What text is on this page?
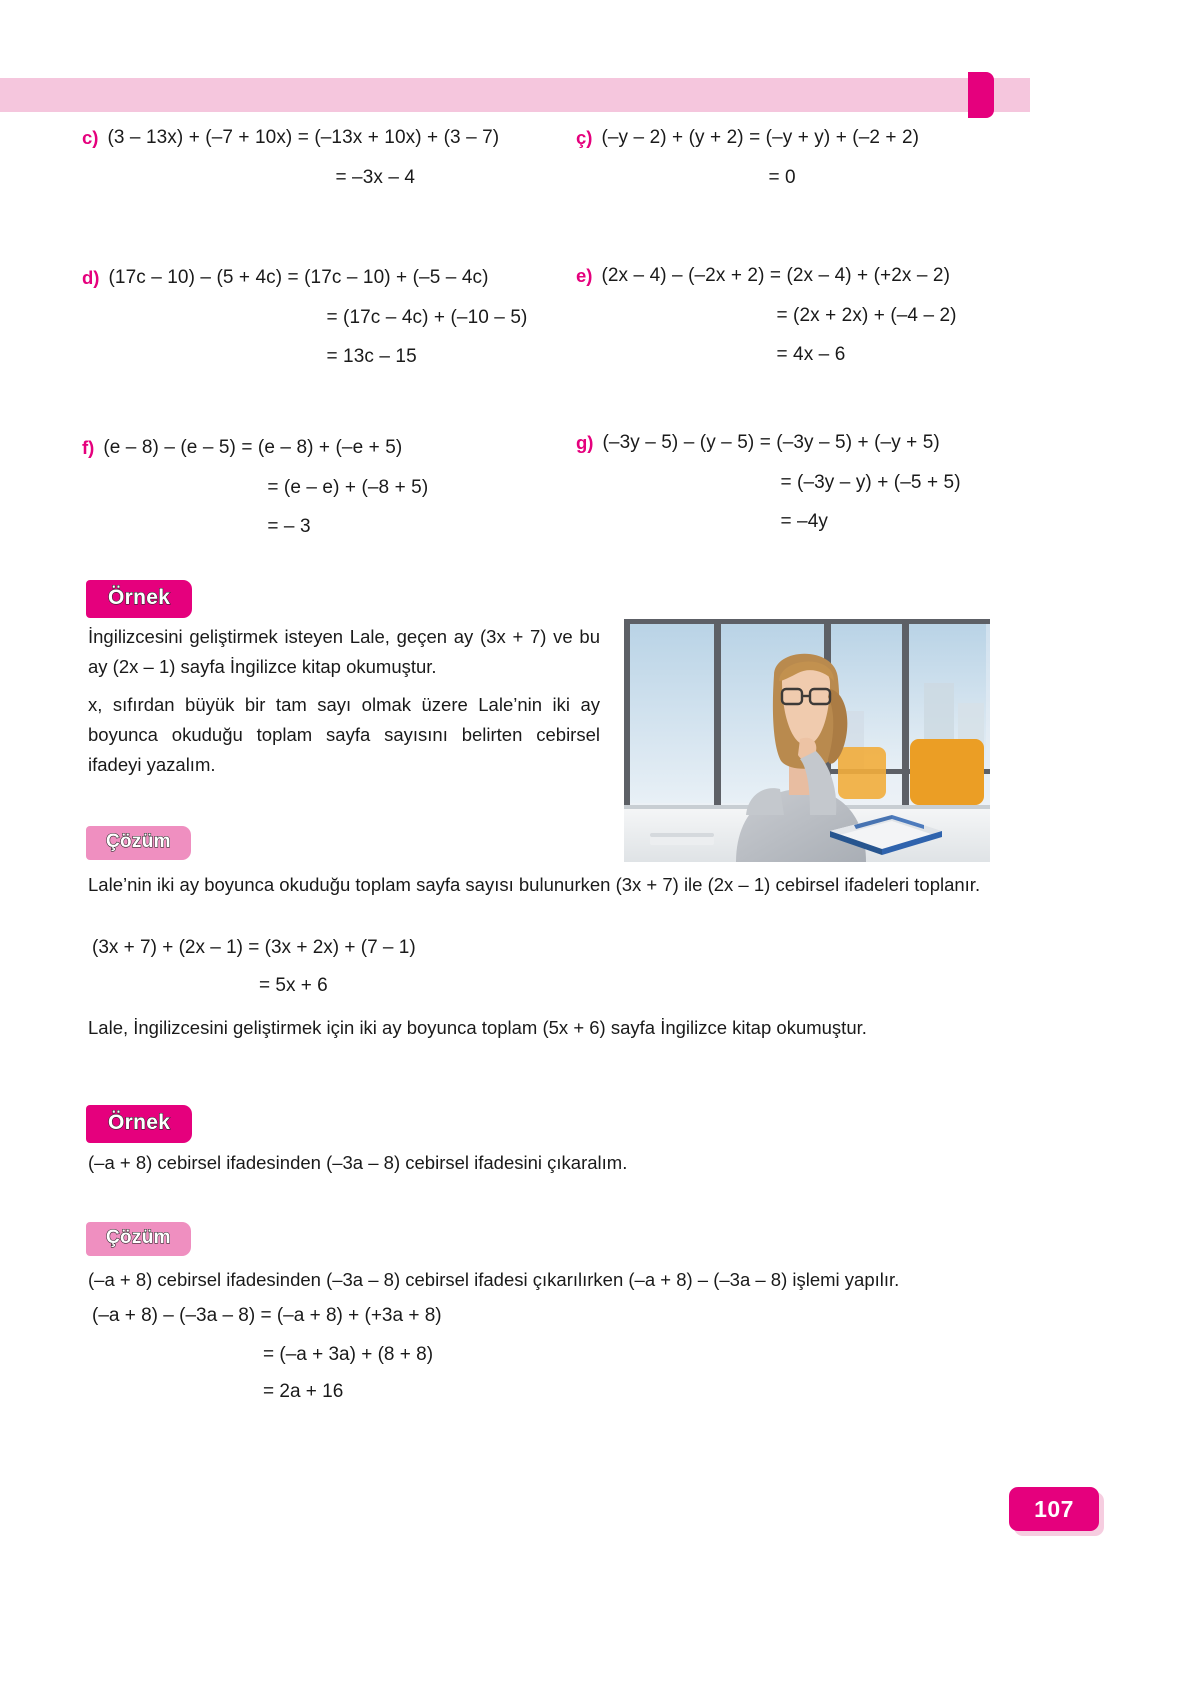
c) (3 – 13x) + (–7 + 10x) = (–13x + 10x) + (3 – 7)
= –3x – 4
ç) (–y – 2) + (y + 2) = (–y + y) + (–2 + 2)
= 0
d) (17c – 10) – (5 + 4c) = (17c – 10) + (–5 – 4c)
= (17c – 4c) + (–10 – 5)
= 13c – 15
e) (2x – 4) – (–2x + 2) = (2x – 4) + (+2x – 2)
= (2x + 2x) + (–4 – 2)
= 4x – 6
f) (e – 8) – (e – 5) = (e – 8) + (–e + 5)
= (e – e) + (–8 + 5)
= – 3
g) (–3y – 5) – (y – 5) = (–3y – 5) + (–y + 5)
= (–3y – y) + (–5 + 5)
= –4y
Örnek
İngilizcesini geliştirmek isteyen Lale, geçen ay (3x + 7) ve bu ay (2x – 1) sayfa İngilizce kitap okumuştur.
x, sıfırdan büyük bir tam sayı olmak üzere Lale’nin iki ay boyunca okuduğu toplam sayfa sayısını belirten cebirsel ifadeyi yazalım.
Çözüm
Lale’nin iki ay boyunca okuduğu toplam sayfa sayısı bulunurken (3x + 7) ile (2x – 1) cebirsel ifadeleri toplanır.
(3x + 7) + (2x – 1) = (3x + 2x) + (7 – 1)
= 5x + 6
Lale, İngilizcesini geliştirmek için iki ay boyunca toplam (5x + 6) sayfa İngilizce kitap okumuştur.
Örnek
(–a + 8) cebirsel ifadesinden (–3a – 8) cebirsel ifadesini çıkaralım.
Çözüm
(–a + 8) cebirsel ifadesinden (–3a – 8) cebirsel ifadesi çıkarılırken (–a + 8) – (–3a – 8) işlemi yapılır.
(–a + 8) – (–3a – 8) = (–a + 8) + (+3a + 8)
= (–a + 3a) + (8 + 8)
= 2a + 16
107
